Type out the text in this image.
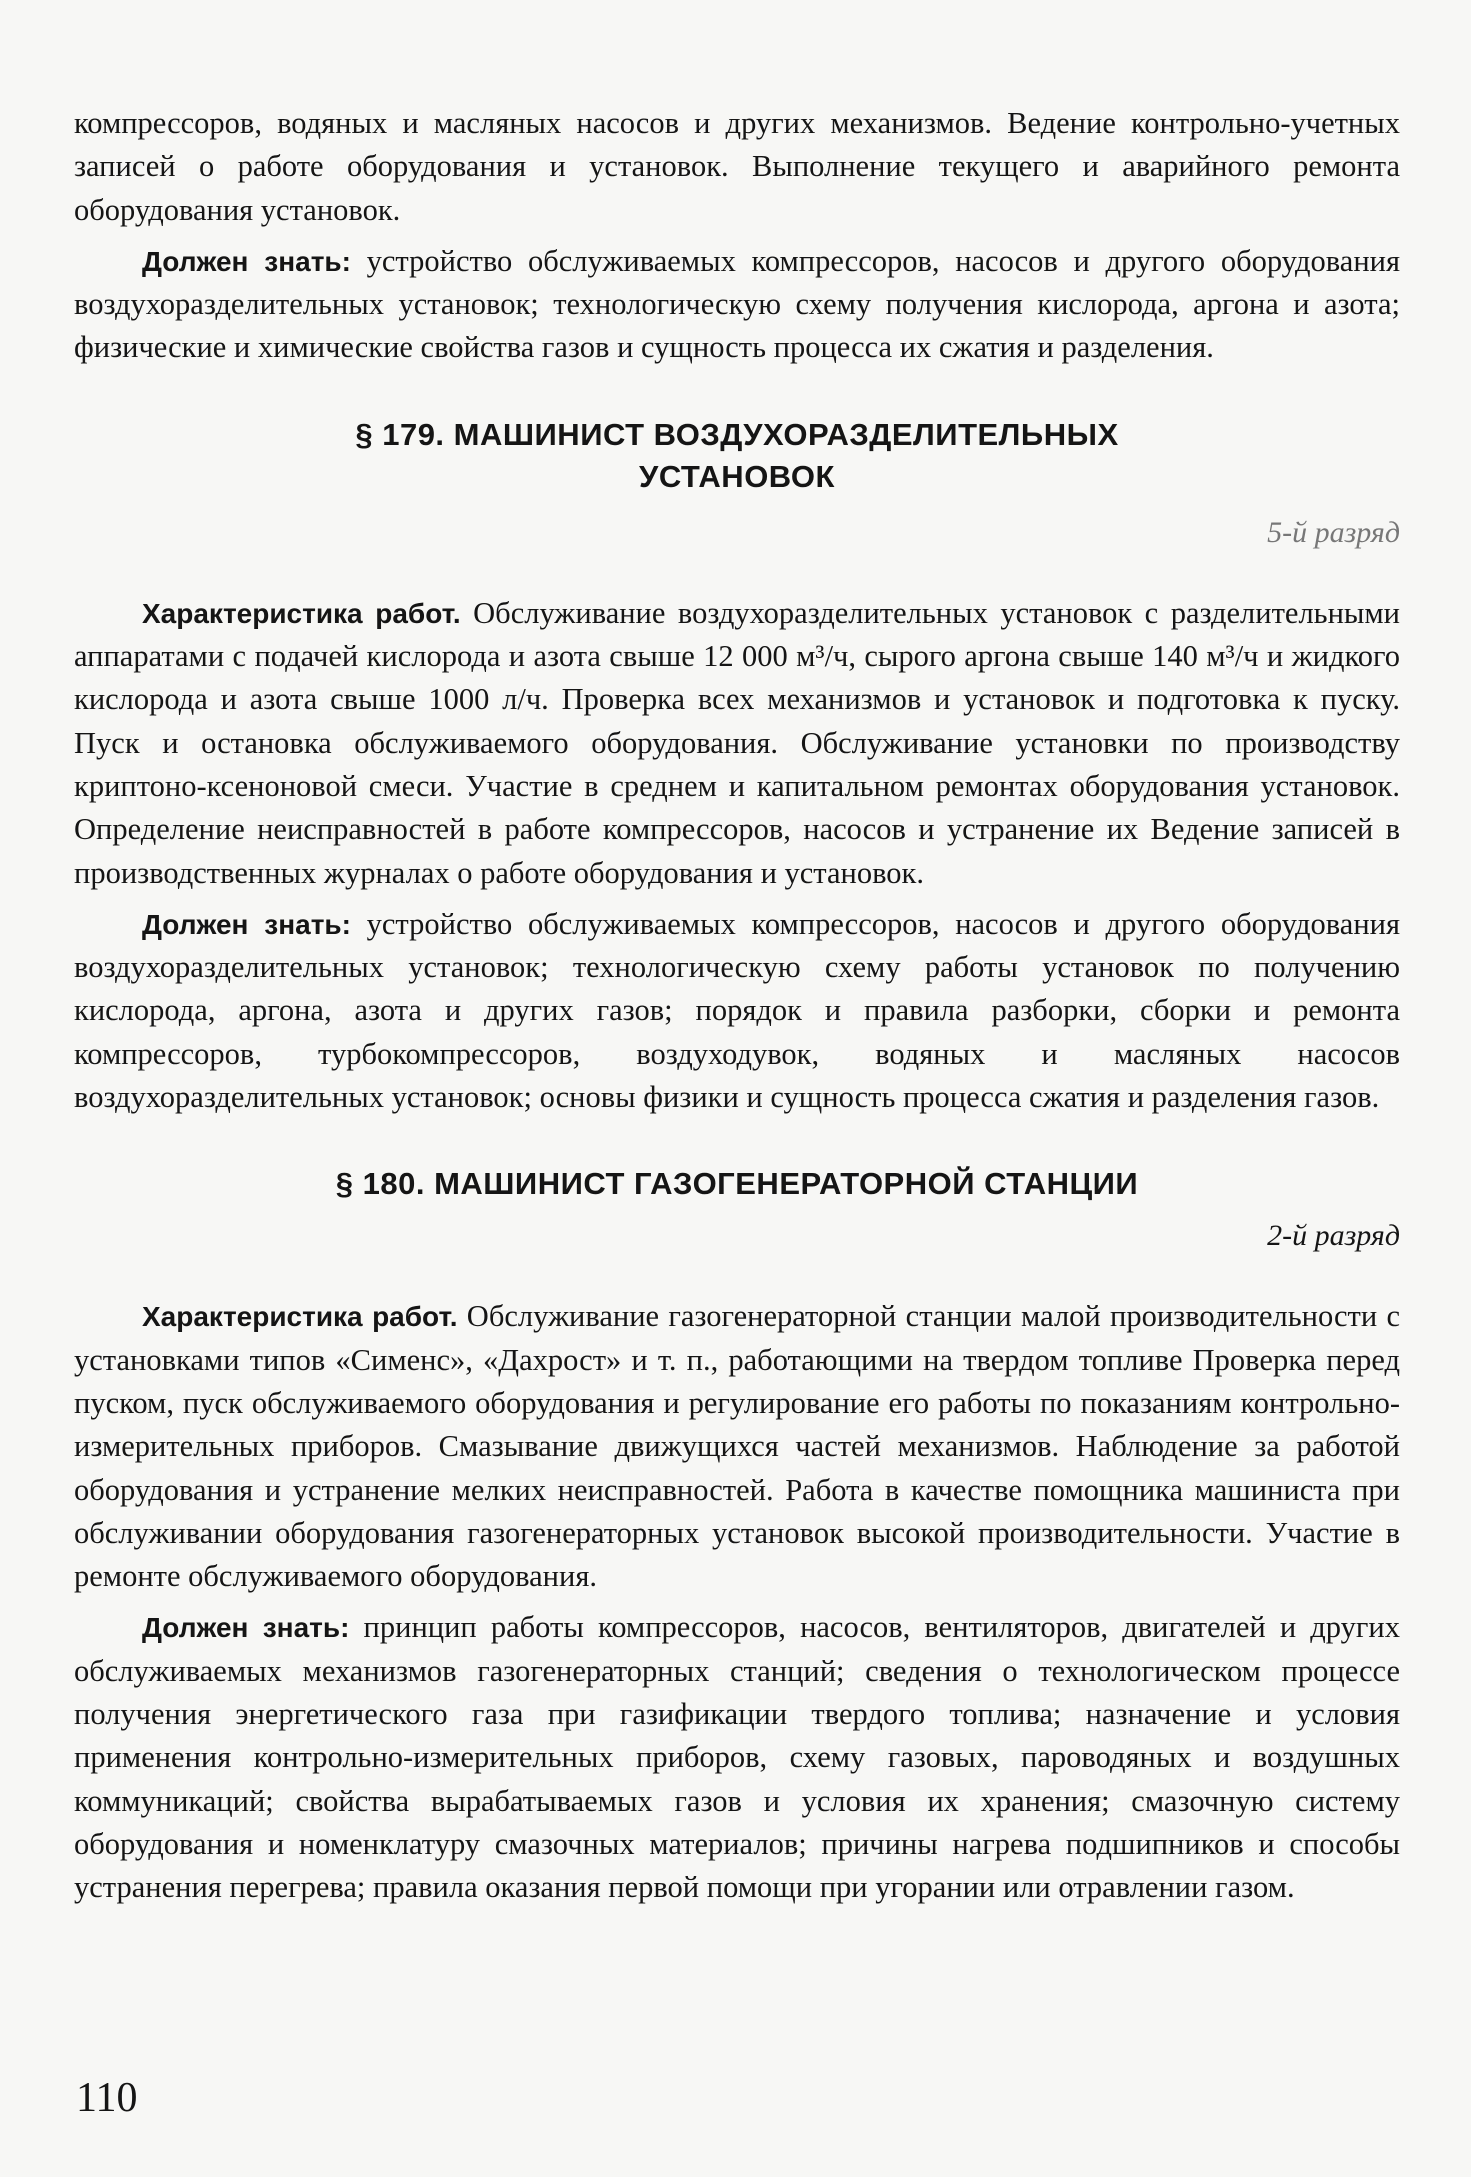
компрессоров, водяных и масляных насосов и других механизмов. Ведение контрольно-учетных записей о работе оборудования и установок. Выполнение текущего и аварийного ремонта оборудования установок.

Должен знать: устройство обслуживаемых компрессоров, насосов и другого оборудования воздухоразделительных установок; технологическую схему получения кислорода, аргона и азота; физические и химические свойства газов и сущность процесса их сжатия и разделения.

§ 179. МАШИНИСТ ВОЗДУХОРАЗДЕЛИТЕЛЬНЫХ
УСТАНОВОК
5-й разряд

Характеристика работ. Обслуживание воздухоразделительных установок с разделительными аппаратами с подачей кислорода и азота свыше 12 000 м³/ч, сырого аргона свыше 140 м³/ч и жидкого кислорода и азота свыше 1000 л/ч. Проверка всех механизмов и установок и подготовка к пуску. Пуск и остановка обслуживаемого оборудования. Обслуживание установки по производству криптоно-ксеноновой смеси. Участие в среднем и капитальном ремонтах оборудования установок. Определение неисправностей в работе компрессоров, насосов и устранение их Ведение записей в производственных журналах о работе оборудования и установок.

Должен знать: устройство обслуживаемых компрессоров, насосов и другого оборудования воздухоразделительных установок; технологическую схему работы установок по получению кислорода, аргона, азота и других газов; порядок и правила разборки, сборки и ремонта компрессоров, турбокомпрессоров, воздуходувок, водяных и масляных насосов воздухоразделительных установок; основы физики и сущность процесса сжатия и разделения газов.

§ 180. МАШИНИСТ ГАЗОГЕНЕРАТОРНОЙ СТАНЦИИ
2-й разряд

Характеристика работ. Обслуживание газогенераторной станции малой производительности с установками типов «Сименс», «Дахрост» и т. п., работающими на твердом топливе Проверка перед пуском, пуск обслуживаемого оборудования и регулирование его работы по показаниям контрольно-измерительных приборов. Смазывание движущихся частей механизмов. Наблюдение за работой оборудования и устранение мелких неисправностей. Работа в качестве помощника машиниста при обслуживании оборудования газогенераторных установок высокой производительности. Участие в ремонте обслуживаемого оборудования.

Должен знать: принцип работы компрессоров, насосов, вентиляторов, двигателей и других обслуживаемых механизмов газогенераторных станций; сведения о технологическом процессе получения энергетического газа при газификации твердого топлива; назначение и условия применения контрольно-измерительных приборов, схему газовых, пароводяных и воздушных коммуникаций; свойства вырабатываемых газов и условия их хранения; смазочную систему оборудования и номенклатуру смазочных материалов; причины нагрева подшипников и способы устранения перегрева; правила оказания первой помощи при угорании или отравлении газом.

110
